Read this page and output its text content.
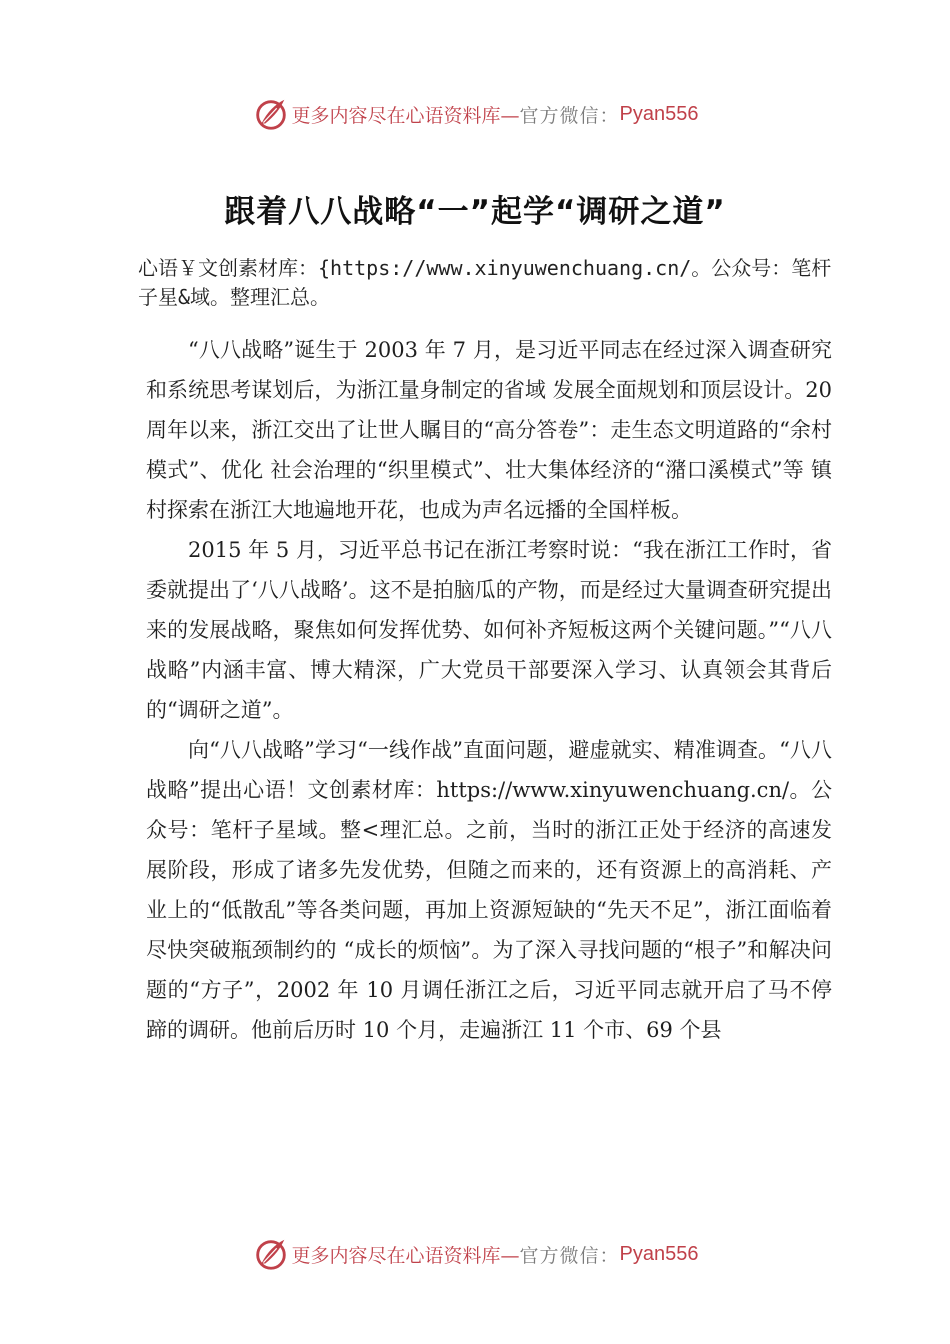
更多内容尽在心语资料库— 官方微信： Pyan556
跟着八八战略“一”起学“调研之道”
心语￥文创素材库：{https://www.xinyuwenchuang.cn/。公众号：笔杆子星&域。整理汇总。

“八八战略”诞生于 2003 年 7 月，是习近平同志在经过深入调查研究和系统思考谋划后，为浙江量身制定的省域 发展全面规划和顶层设计。20 周年以来，浙江交出了让世人瞩目的“高分答卷”：走生态文明道路的“余村模式”、优化 社会治理的“织里模式”、壮大集体经济的“潴口溪模式”等 镇村探索在浙江大地遍地开花，也成为声名远播的全国样板。

2015 年 5 月，习近平总书记在浙江考察时说：“我在浙江工作时，省委就提出了‘八八战略’。这不是拍脑瓜的产物，而是经过大量调查研究提出来的发展战略，聚焦如何发挥优势、如何补齐短板这两个关键问题。”“八八战略”内涵丰富、博大精深，广大党员干部要深入学习、认真领会其背后的“调研之道”。

向“八八战略”学习“一线作战”直面问题，避虚就实、精准调查。“八八战略”提出心语！文创素材库：https://www.xinyuwenchuang.cn/。公众号：笔杆子星域。整<理汇总。之前，当时的浙江正处于经济的高速发展阶段，形成了诸多先发优势，但随之而来的，还有资源上的高消耗、产业上的“低散乱”等各类问题，再加上资源短缺的“先天不足”，浙江面临着尽快突破瓶颈制约的 “成长的烦恼”。为了深入寻找问题的“根子”和解决问题的“方子”，2002 年 10 月调任浙江之后，习近平同志就开启了马不停蹄的调研。他前后历时 10 个月，走遍浙江 11 个市、69 个县

更多内容尽在心语资料库— 官方微信： Pyan556
